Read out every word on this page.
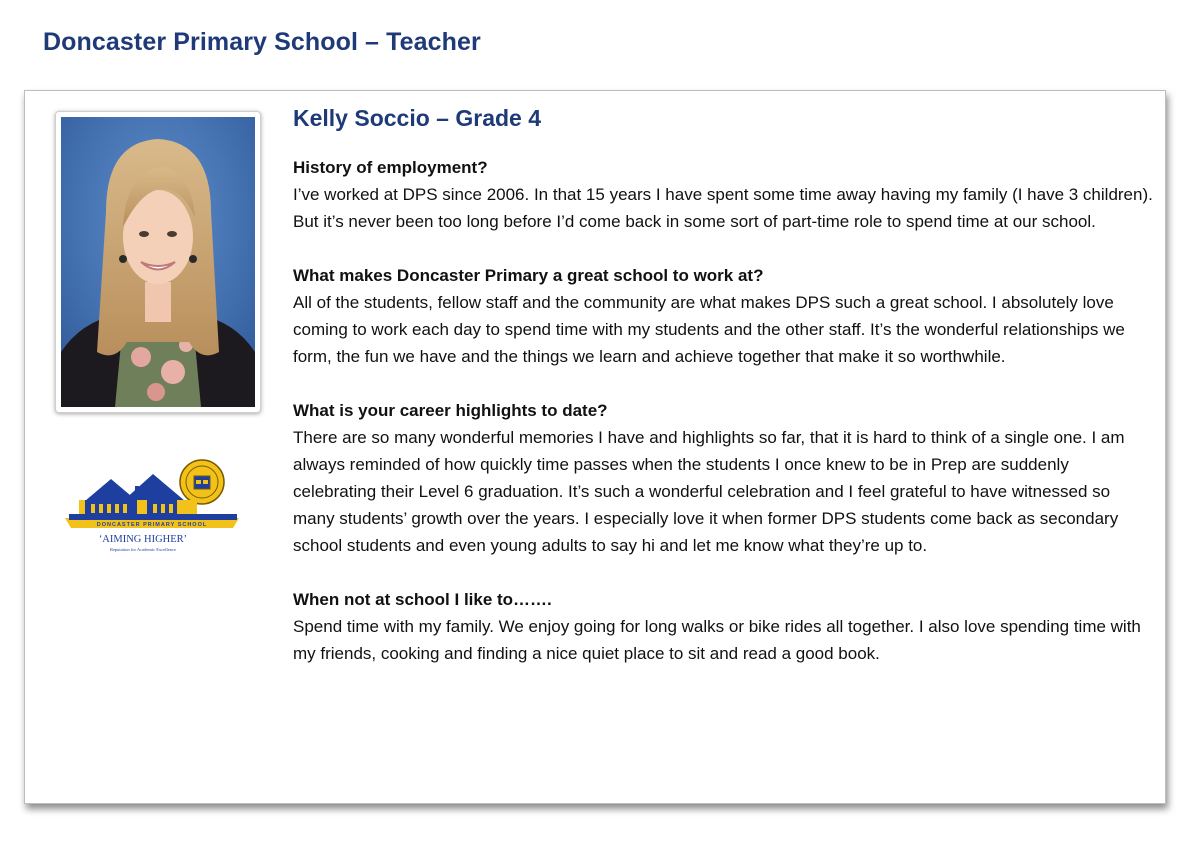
Doncaster Primary School – Teacher
DONCASTER PRIMARY SCHOOL
‘AIMING HIGHER’
Reputation for Academic Excellence
Kelly Soccio – Grade 4

History of employment?

I’ve worked at DPS since 2006. In that 15 years I have spent some time away having my family (I have 3 children). But it’s never been too long before I’d come back in some sort of part-time role to spend time at our school.

What makes Doncaster Primary a great school to work at?

All of the students, fellow staff and the community are what makes DPS such a great school. I absolutely love coming to work each day to spend time with my students and the other staff. It’s the wonderful relationships we form, the fun we have and the things we learn and achieve together that make it so worthwhile.

What is your career highlights to date?

There are so many wonderful memories I have and highlights so far, that it is hard to think of a single one. I am always reminded of how quickly time passes when the students I once knew to be in Prep are suddenly celebrating their Level 6 graduation. It’s such a wonderful celebration and I feel grateful to have witnessed so many students’ growth over the years. I especially love it when former DPS students come back as secondary school students and even young adults to say hi and let me know what they’re up to.

When not at school I like to…….

Spend time with my family. We enjoy going for long walks or bike rides all together. I also love spending time with my friends, cooking and finding a nice quiet place to sit and read a good book.
